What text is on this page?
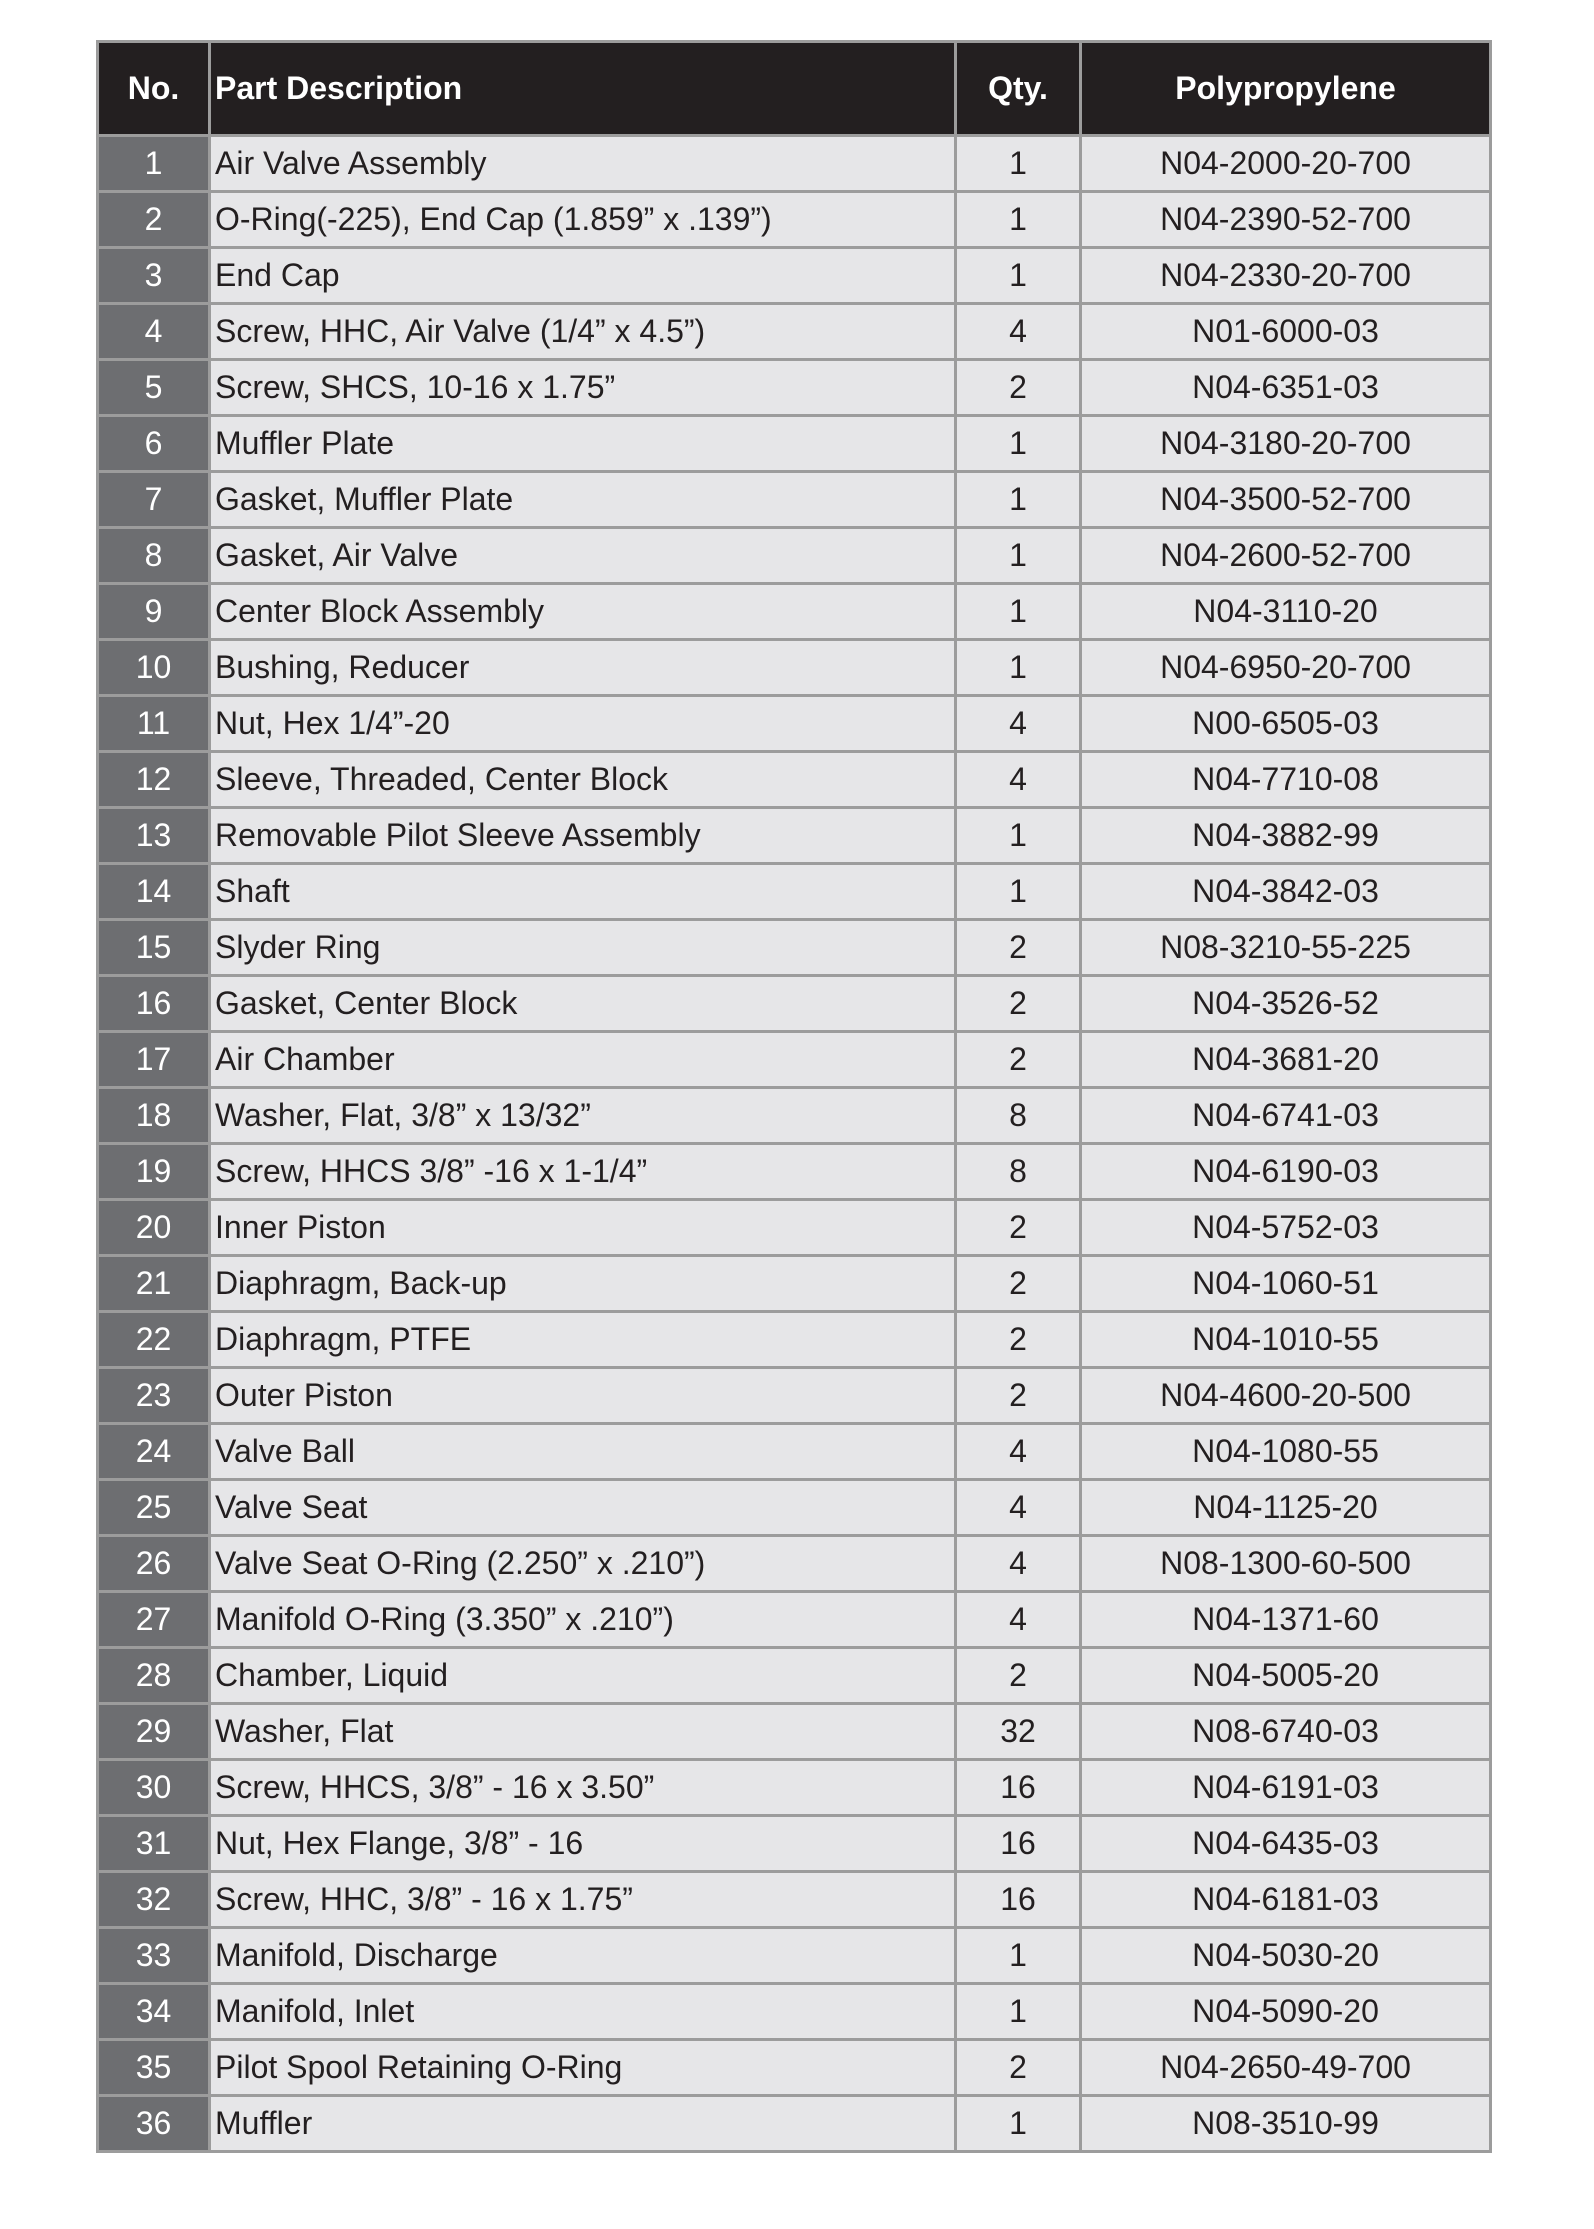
No.	Part Description	Qty.	Polypropylene
1	Air Valve Assembly	1	N04-2000-20-700
2	O-Ring(-225), End Cap (1.859” x .139”)	1	N04-2390-52-700
3	End Cap	1	N04-2330-20-700
4	Screw, HHC, Air Valve (1/4” x 4.5”)	4	N01-6000-03
5	Screw, SHCS, 10-16 x 1.75”	2	N04-6351-03
6	Muffler Plate	1	N04-3180-20-700
7	Gasket, Muffler Plate	1	N04-3500-52-700
8	Gasket, Air Valve	1	N04-2600-52-700
9	Center Block Assembly	1	N04-3110-20
10	Bushing, Reducer	1	N04-6950-20-700
11	Nut, Hex 1/4”-20	4	N00-6505-03
12	Sleeve, Threaded, Center Block	4	N04-7710-08
13	Removable Pilot Sleeve Assembly	1	N04-3882-99
14	Shaft	1	N04-3842-03
15	Slyder Ring	2	N08-3210-55-225
16	Gasket, Center Block	2	N04-3526-52
17	Air Chamber	2	N04-3681-20
18	Washer, Flat, 3/8” x 13/32”	8	N04-6741-03
19	Screw, HHCS 3/8” -16 x 1-1/4”	8	N04-6190-03
20	Inner Piston	2	N04-5752-03
21	Diaphragm, Back-up	2	N04-1060-51
22	Diaphragm, PTFE	2	N04-1010-55
23	Outer Piston	2	N04-4600-20-500
24	Valve Ball	4	N04-1080-55
25	Valve Seat	4	N04-1125-20
26	Valve Seat O-Ring (2.250” x .210”)	4	N08-1300-60-500
27	Manifold O-Ring (3.350” x .210”)	4	N04-1371-60
28	Chamber, Liquid	2	N04-5005-20
29	Washer, Flat	32	N08-6740-03
30	Screw, HHCS, 3/8” - 16 x 3.50”	16	N04-6191-03
31	Nut, Hex Flange, 3/8” - 16	16	N04-6435-03
32	Screw, HHC, 3/8” - 16 x 1.75”	16	N04-6181-03
33	Manifold, Discharge	1	N04-5030-20
34	Manifold, Inlet	1	N04-5090-20
35	Pilot Spool Retaining O-Ring	2	N04-2650-49-700
36	Muffler	1	N08-3510-99
